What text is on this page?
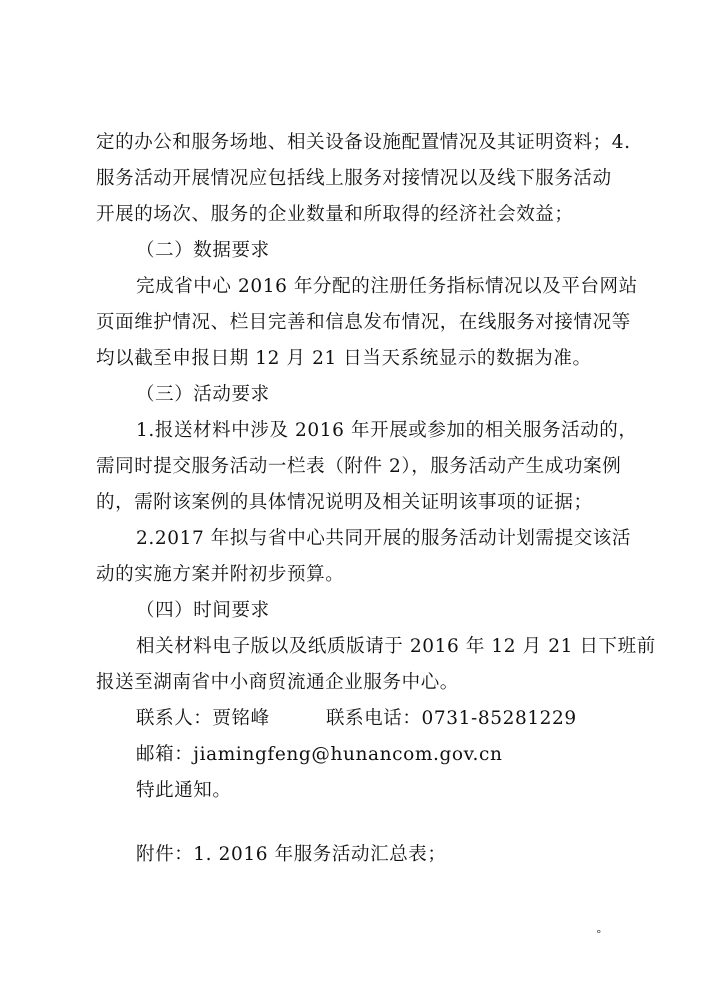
定的办公和服务场地、相关设备设施配置情况及其证明资料；4.
服务活动开展情况应包括线上服务对接情况以及线下服务活动
开展的场次、服务的企业数量和所取得的经济社会效益；
（二）数据要求
完成省中心 2016 年分配的注册任务指标情况以及平台网站
页面维护情况、栏目完善和信息发布情况，在线服务对接情况等
均以截至申报日期 12 月 21 日当天系统显示的数据为准。
（三）活动要求
1.报送材料中涉及 2016 年开展或参加的相关服务活动的，
需同时提交服务活动一栏表（附件 2），服务活动产生成功案例
的，需附该案例的具体情况说明及相关证明该事项的证据；
2.2017 年拟与省中心共同开展的服务活动计划需提交该活
动的实施方案并附初步预算。
（四）时间要求
相关材料电子版以及纸质版请于 2016 年 12 月 21 日下班前
报送至湖南省中小商贸流通企业服务中心。
联系人：贾铭峰	联系电话：0731-85281229
邮箱：jiamingfeng@hunancom.gov.cn
特此通知。
附件：1. 2016 年服务活动汇总表；
°
